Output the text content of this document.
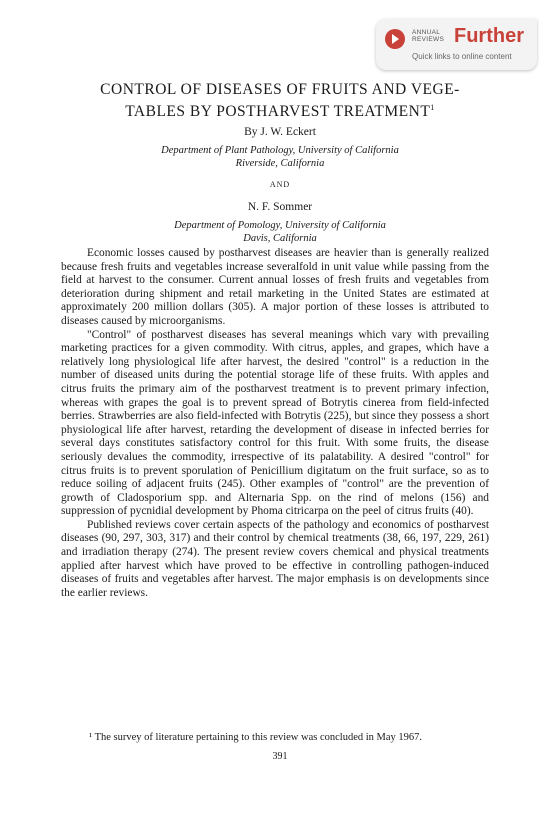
ANNUAL REVIEWS Further
Quick links to online content
CONTROL OF DISEASES OF FRUITS AND VEGE-
TABLES BY POSTHARVEST TREATMENT$^1$
By J. W. Eckert
Department of Plant Pathology, University of California
Riverside, California
AND
N. F. Sommer
Department of Pomology, University of California
Davis, California

Economic losses caused by postharvest diseases are heavier than is generally realized because fresh fruits and vegetables increase severalfold in unit value while passing from the field at harvest to the consumer. Current annual losses of fresh fruits and vegetables from deterioration during shipment and retail marketing in the United States are estimated at approximately 200 million dollars (305). A major portion of these losses is attributed to diseases caused by microorganisms.

"Control" of postharvest diseases has several meanings which vary with prevailing marketing practices for a given commodity. With citrus, apples, and grapes, which have a relatively long physiological life after harvest, the desired "control" is a reduction in the number of diseased units during the potential storage life of these fruits. With apples and citrus fruits the primary aim of the postharvest treatment is to prevent primary infection, whereas with grapes the goal is to prevent spread of Botrytis cinerea from field-infected berries. Strawberries are also field-infected with Botrytis (225), but since they possess a short physiological life after harvest, retarding the development of disease in infected berries for several days constitutes satisfactory control for this fruit. With some fruits, the disease seriously devalues the commodity, irrespective of its palatability. A desired "control" for citrus fruits is to prevent sporulation of Penicillium digitatum on the fruit surface, so as to reduce soiling of adjacent fruits (245). Other examples of "control" are the prevention of growth of Cladosporium spp. and Alternaria Spp. on the rind of melons (156) and suppression of pycnidial development by Phoma citricarpa on the peel of citrus fruits (40).

Published reviews cover certain aspects of the pathology and economics of postharvest diseases (90, 297, 303, 317) and their control by chemical treatments (38, 66, 197, 229, 261) and irradiation therapy (274). The present review covers chemical and physical treatments applied after harvest which have proved to be effective in controlling pathogen-induced diseases of fruits and vegetables after harvest. The major emphasis is on developments since the earlier reviews.

¹ The survey of literature pertaining to this review was concluded in May 1967.
391
